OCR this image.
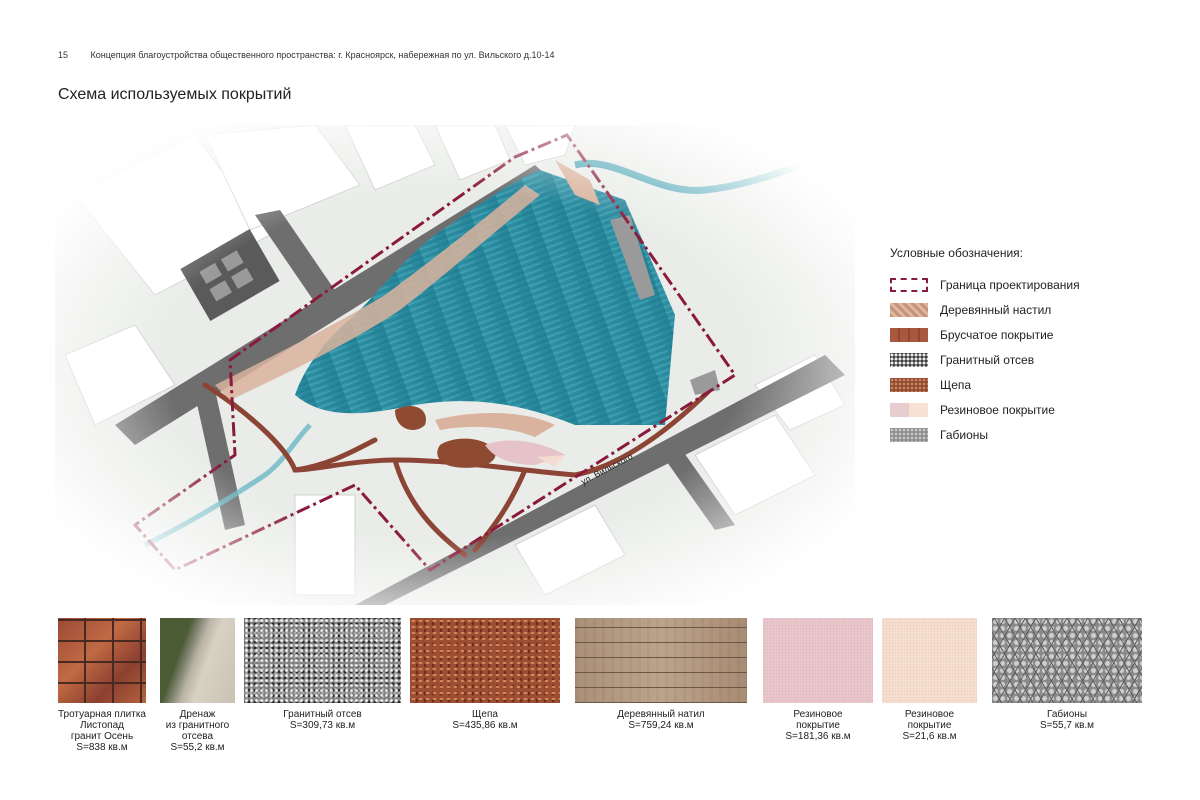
15	Концепция благоустройства общественного пространства: г. Красноярск, набережная по ул. Вильского д.10-14
Схема используемых покрытий
Условные обозначения:
Граница проектирования
Деревянный настил
Брусчатое покрытие
Гранитный отсев
Щепа
Резиновое покрытие
Габионы
Тротуарная плитка
Листопад
гранит Осень
S=838 кв.м
Дренаж
из гранитного
отсева
S=55,2 кв.м
Гранитный отсев
S=309,73 кв.м
Щепа
S=435,86 кв.м
Деревянный натил
S=759,24 кв.м
Резиновое
покрытие
S=181,36 кв.м
Резиновое
покрытие
S=21,6 кв.м
Габионы
S=55,7 кв.м
